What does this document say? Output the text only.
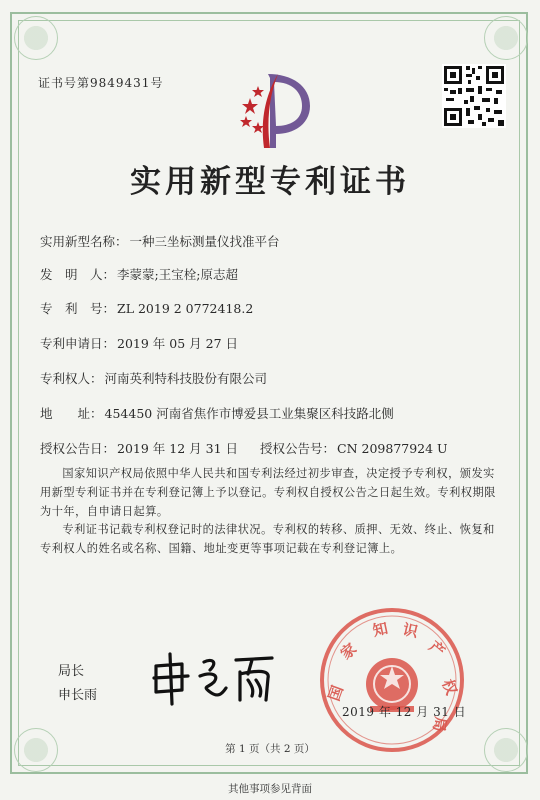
证书号第9849431号
实用新型专利证书
实用新型名称： 一种三坐标测量仪找准平台
发　明　人： 李蒙蒙;王宝栓;原志超
专　利　号： ZL 2019 2 0772418.2
专利申请日： 2019 年 05 月 27 日
专利权人： 河南英利特科技股份有限公司
地　　址： 454450 河南省焦作市博爱县工业集聚区科技路北侧
授权公告日： 2019 年 12 月 31 日 授权公告号： CN 209877924 U
国家知识产权局依照中华人民共和国专利法经过初步审查，决定授予专利权，颁发实用新型专利证书并在专利登记簿上予以登记。专利权自授权公告之日起生效。专利权期限为十年，自申请日起算。
专利证书记载专利权登记时的法律状况。专利权的转移、质押、无效、终止、恢复和专利权人的姓名或名称、国籍、地址变更等事项记载在专利登记簿上。
局长
申长雨	国
家
知 识
产
权
局
2019 年 12 月 31 日
第 1 页（共 2 页）
其他事项参见背面
